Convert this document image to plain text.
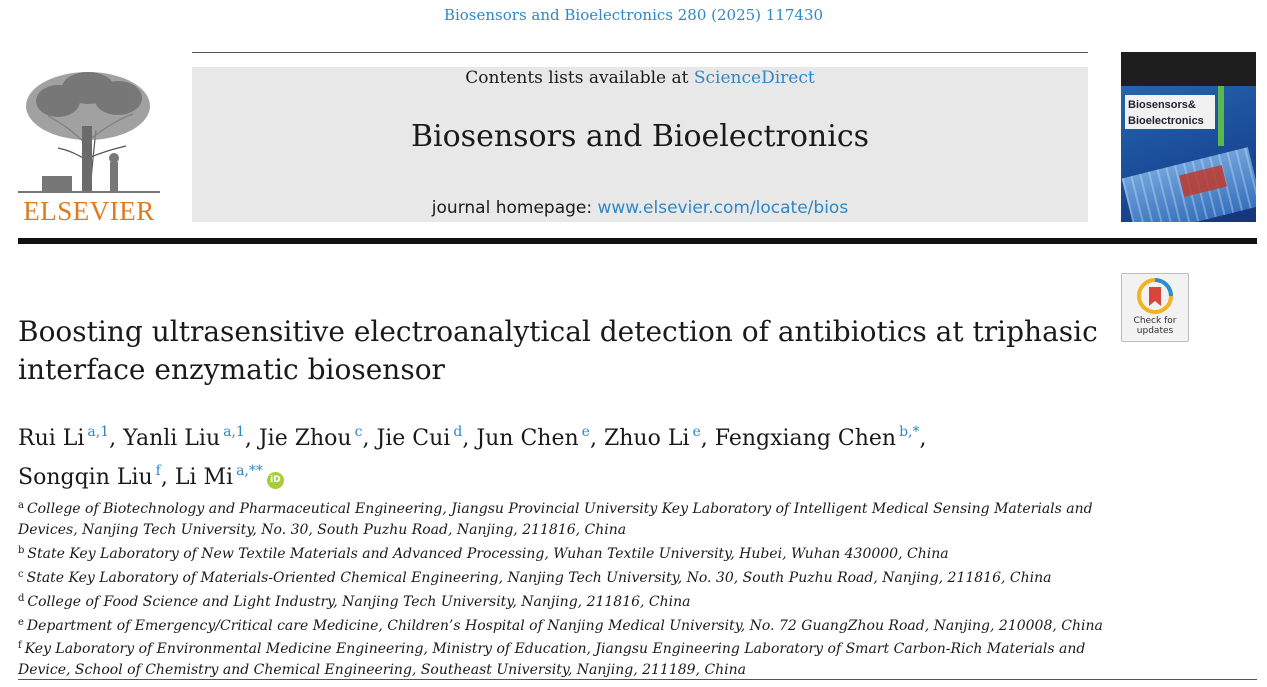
Biosensors and Bioelectronics 280 (2025) 117430
ELSEVIER
Contents lists available at ScienceDirect
Biosensors and Bioelectronics
journal homepage: www.elsevier.com/locate/bios
Biosensors&
Bioelectronics
Check for
updates
Boosting ultrasensitive electroanalytical detection of antibiotics at triphasic interface enzymatic biosensor
Rui Li $^{a,1}$, Yanli Liu $^{a,1}$, Jie Zhou $^c$, Jie Cui $^d$, Jun Chen $^e$, Zhuo Li $^e$, Fengxiang Chen $^{b,*}$,
Songqin Liu $^f$, Li Mi $^{a,**}$iD
$^a$ College of Biotechnology and Pharmaceutical Engineering, Jiangsu Provincial University Key Laboratory of Intelligent Medical Sensing Materials and Devices, Nanjing Tech University, No. 30, South Puzhu Road, Nanjing, 211816, China
$^b$ State Key Laboratory of New Textile Materials and Advanced Processing, Wuhan Textile University, Hubei, Wuhan 430000, China
$^c$ State Key Laboratory of Materials-Oriented Chemical Engineering, Nanjing Tech University, No. 30, South Puzhu Road, Nanjing, 211816, China
$^d$ College of Food Science and Light Industry, Nanjing Tech University, Nanjing, 211816, China
$^e$ Department of Emergency/Critical care Medicine, Children’s Hospital of Nanjing Medical University, No. 72 GuangZhou Road, Nanjing, 210008, China
$^f$ Key Laboratory of Environmental Medicine Engineering, Ministry of Education, Jiangsu Engineering Laboratory of Smart Carbon-Rich Materials and Device, School of Chemistry and Chemical Engineering, Southeast University, Nanjing, 211189, China
